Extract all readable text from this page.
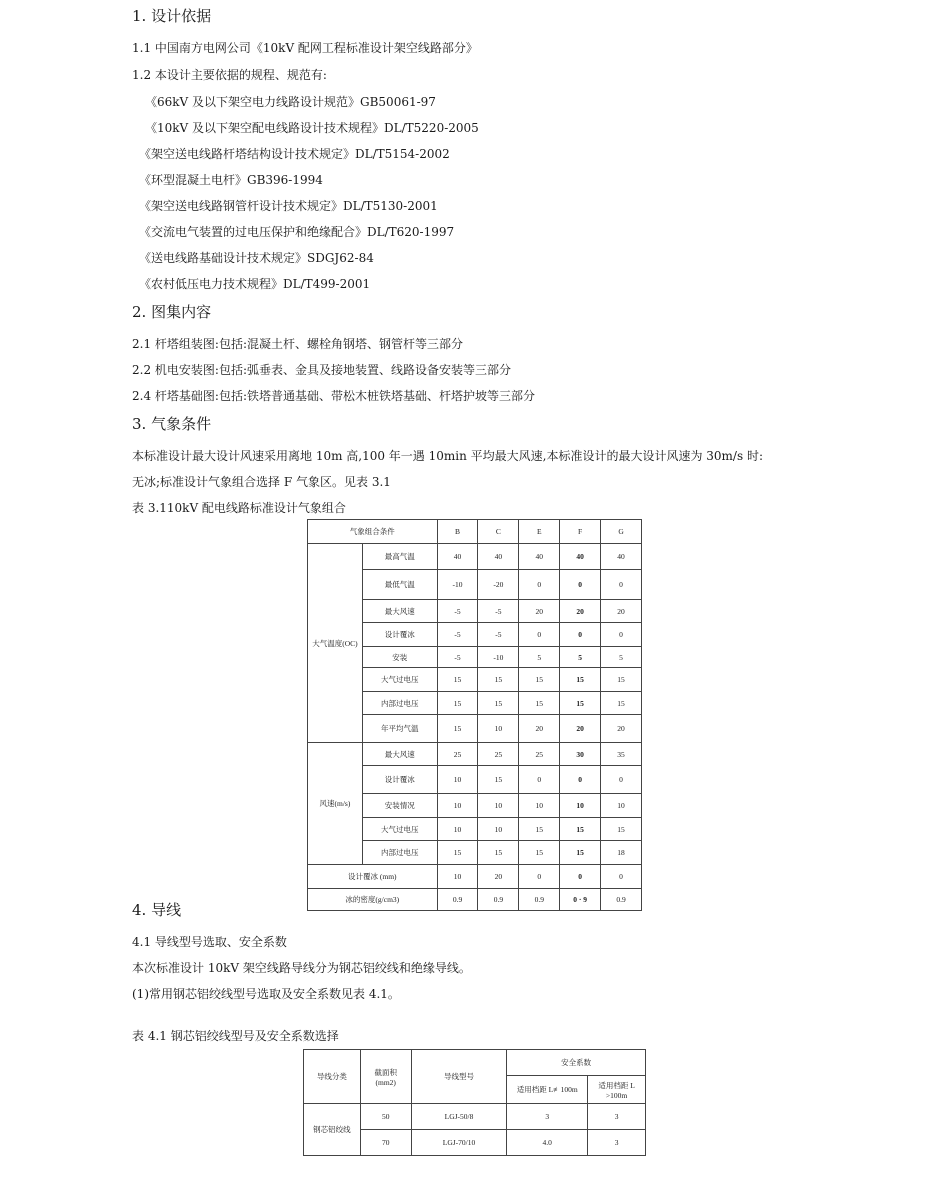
1. 设计依据
1.1 中国南方电网公司《10kV 配网工程标准设计架空线路部分》
1.2 本设计主要依据的规程、规范有:
《66kV 及以下架空电力线路设计规范》GB50061-97
《10kV 及以下架空配电线路设计技术规程》DL/T5220-2005
《架空送电线路杆塔结构设计技术规定》DL/T5154-2002
《环型混凝土电杆》GB396-1994
《架空送电线路钢管杆设计技术规定》DL/T5130-2001
《交流电气装置的过电压保护和绝缘配合》DL/T620-1997
《送电线路基础设计技术规定》SDGJ62-84
《农村低压电力技术规程》DL/T499-2001
2. 图集内容
2.1 杆塔组装图:包括:混凝土杆、螺栓角钢塔、钢管杆等三部分
2.2 机电安装图:包括:弧垂表、金具及接地装置、线路设备安装等三部分
2.4 杆塔基础图:包括:铁塔普通基础、带松木桩铁塔基础、杆塔护坡等三部分
3. 气象条件
本标准设计最大设计风速采用离地 10m 高,100 年一遇 10min 平均最大风速,本标准设计的最大设计风速为 30m/s 时:
无冰;标准设计气象组合选择 F 气象区。见表 3.1
表 3.110kV 配电线路标准设计气象组合
气象组合条件		B	C	E	F	G
大气温度(OC)	最高气温	40	40	40	40	40
	最低气温	-10	-20	0	0	0
	最大风速	-5	-5	20	20	20
	设计覆冰	-5	-5	0	0	0
	安装	-5	-10	5	5	5
	大气过电压	15	15	15	15	15
	内部过电压	15	15	15	15	15
	年平均气温	15	10	20	20	20
风速(m/s)	最大风速	25	25	25	30	35
	设计覆冰	10	15	0	0	0
	安装情况	10	10	10	10	10
	大气过电压	10	10	15	15	15
	内部过电压	15	15	15	15	18
设计覆冰 (mm)		10	20	0	0	0
冰的密度(g/cm3)		0.9	0.9	0.9	0 · 9	0.9
4. 导线
4.1 导线型号选取、安全系数
本次标准设计 10kV 架空线路导线分为钢芯铝绞线和绝缘导线。
(1)常用钢芯铝绞线型号选取及安全系数见表 4.1。
表 4.1 钢芯铝绞线型号及安全系数选择
导线分类	截面积
(mm2)	导线型号	安全系数	
			适用档距 L≢100m	适用档距 L
>100m
钢芯铝绞线	50	LGJ-50/8	3	3
	70	LGJ-70/10	4.0	3
